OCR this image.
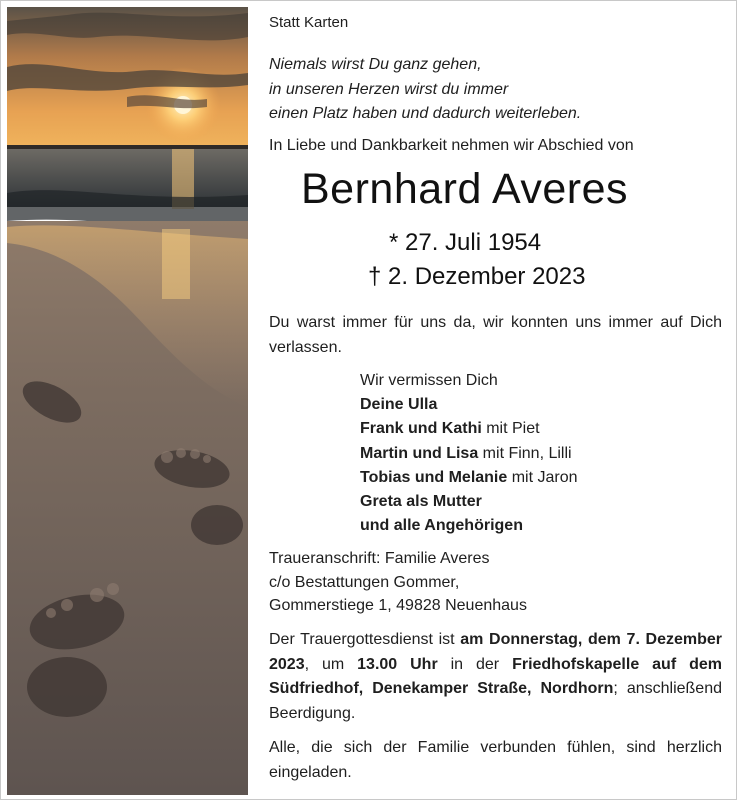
Statt Karten
Niemals wirst Du ganz gehen,
in unseren Herzen wirst du immer
einen Platz haben und dadurch weiterleben.
In Liebe und Dankbarkeit nehmen wir Abschied von
Bernhard Averes
* 27. Juli 1954
† 2. Dezember 2023
Du warst immer für uns da, wir konnten uns immer auf Dich verlassen.
Wir vermissen Dich
Deine Ulla
Frank und Kathi mit Piet
Martin und Lisa mit Finn, Lilli
Tobias und Melanie mit Jaron
Greta als Mutter
und alle Angehörigen
Traueranschrift: Familie Averes
c/o Bestattungen Gommer,
Gommerstiege 1, 49828 Neuenhaus
Der Trauergottesdienst ist am Donnerstag, dem 7. Dezember 2023, um 13.00 Uhr in der Friedhofskapelle auf dem Südfriedhof, Denekamper Straße, Nordhorn; anschließend Beerdigung.
Alle, die sich der Familie verbunden fühlen, sind herzlich eingeladen.
